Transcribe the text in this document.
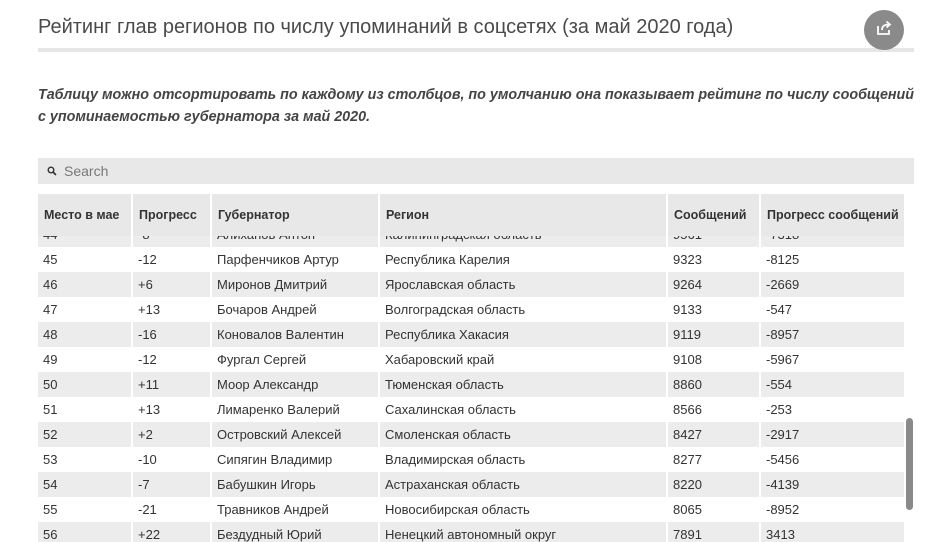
Рейтинг глав регионов по числу упоминаний в соцсетях (за май 2020 года)
Таблицу можно отсортировать по каждому из столбцов, по умолчанию она показывает рейтинг по числу сообщений с упоминаемостью губернатора за май 2020.
Search
Место в мае	Прогресс	Губернатор	Регион	Сообщений	Прогресс сообщений
45	-12	Парфенчиков Артур	Республика Карелия	9323	-8125
46	+6	Миронов Дмитрий	Ярославская область	9264	-2669
47	+13	Бочаров Андрей	Волгоградская область	9133	-547
48	-16	Коновалов Валентин	Республика Хакасия	9119	-8957
49	-12	Фургал Сергей	Хабаровский край	9108	-5967
50	+11	Моор Александр	Тюменская область	8860	-554
51	+13	Лимаренко Валерий	Сахалинская область	8566	-253
52	+2	Островский Алексей	Смоленская область	8427	-2917
53	-10	Сипягин Владимир	Владимирская область	8277	-5456
54	-7	Бабушкин Игорь	Астраханская область	8220	-4139
55	-21	Травников Андрей	Новосибирская область	8065	-8952
56	+22	Бездудный Юрий	Ненецкий автономный округ	7891	3413
